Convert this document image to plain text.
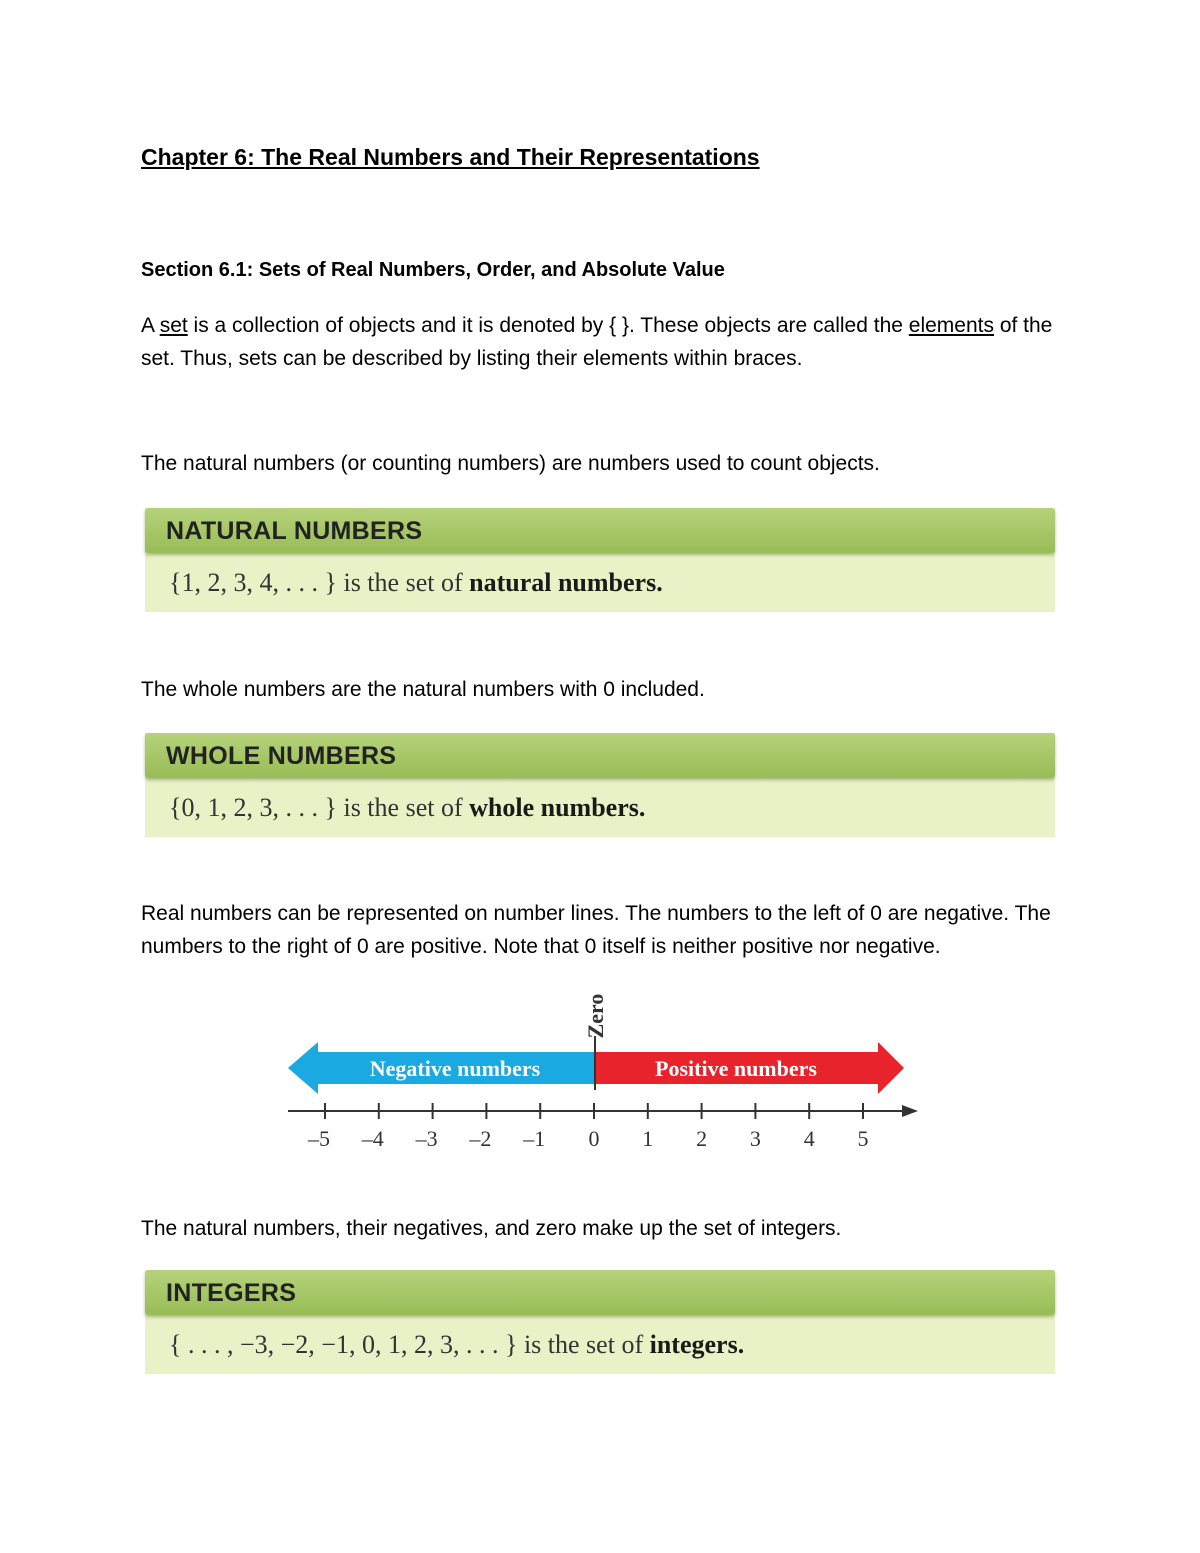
Chapter 6: The Real Numbers and Their Representations
Section 6.1: Sets of Real Numbers, Order, and Absolute Value
A set is a collection of objects and it is denoted by { }. These objects are called the elements of the set. Thus, sets can be described by listing their elements within braces.
The natural numbers (or counting numbers) are numbers used to count objects.
NATURAL NUMBERS
{1, 2, 3, 4, . . . } is the set of natural numbers.
The whole numbers are the natural numbers with 0 included.
WHOLE NUMBERS
{0, 1, 2, 3, . . . } is the set of whole numbers.
Real numbers can be represented on number lines. The numbers to the left of 0 are negative. The numbers to the right of 0 are positive. Note that 0 itself is neither positive nor negative.
Zero
Negative numbers	Positive numbers
–5 –4 –3 –2 –1 0 1 2 3 4 5
The natural numbers, their negatives, and zero make up the set of integers.
INTEGERS
{ . . . , −3, −2, −1, 0, 1, 2, 3, . . . } is the set of integers.
